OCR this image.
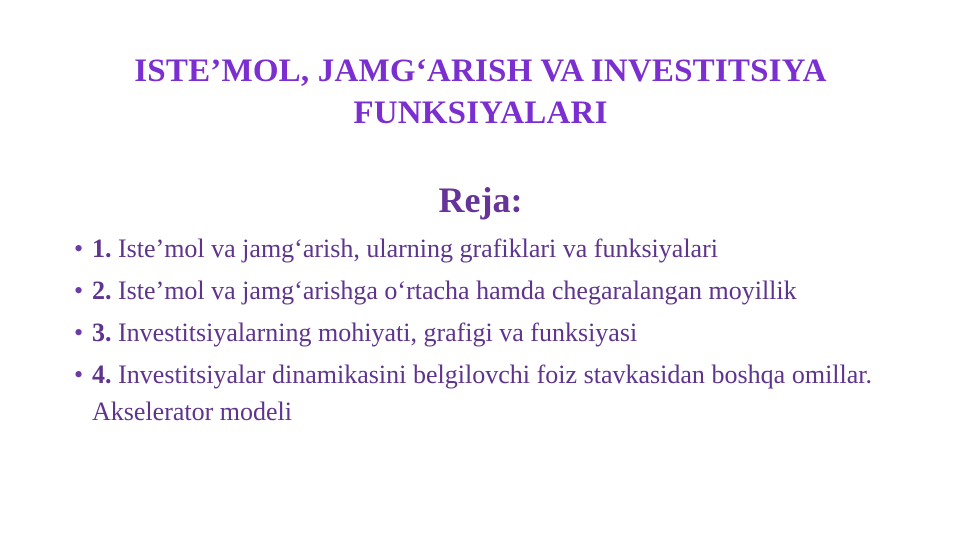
ISTE’MOL, JAMG‘ARISH VA INVESTITSIYA
FUNKSIYALARI
Reja:
• 1. Iste’mol va jamg‘arish, ularning grafiklari va funksiyalari
• 2. Iste’mol va jamg‘arishga o‘rtacha hamda chegaralangan moyillik
• 3. Investitsiyalarning mohiyati, grafigi va funksiyasi
• 4. Investitsiyalar dinamikasini belgilovchi foiz stavkasidan boshqa omillar. Akselerator modeli
